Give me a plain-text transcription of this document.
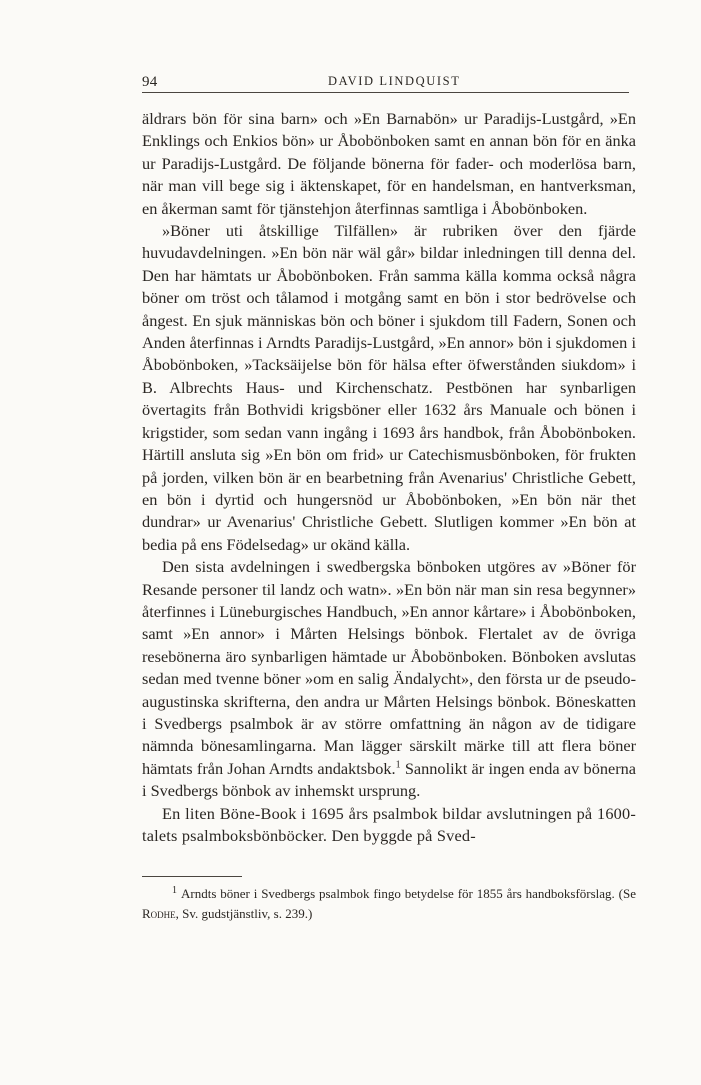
94	DAVID LINDQUIST

äldrars bön för sina barn» och »En Barnabön» ur Paradijs-Lustgård, »En Enklings och Enkios bön» ur Åbobönboken samt en annan bön för en änka ur Paradijs-Lustgård. De följande bönerna för fader- och moderlösa barn, när man vill bege sig i äktenskapet, för en handelsman, en hantverksman, en åkerman samt för tjänstehjon återfinnas samtliga i Åbobönboken.

»Böner uti åtskillige Tilfällen» är rubriken över den fjärde huvudavdelningen. »En bön när wäl går» bildar inledningen till denna del. Den har hämtats ur Åbobönboken. Från samma källa komma också några böner om tröst och tålamod i motgång samt en bön i stor bedrövelse och ångest. En sjuk människas bön och böner i sjukdom till Fadern, Sonen och Anden återfinnas i Arndts Paradijs-Lustgård, »En annor» bön i sjukdomen i Åbobönboken, »Tacksäijelse bön för hälsa efter öfwerstånden siukdom» i B. Albrechts Haus- und Kirchenschatz. Pestbönen har synbarligen övertagits från Bothvidi krigsböner eller 1632 års Manuale och bönen i krigstider, som sedan vann ingång i 1693 års handbok, från Åbobönboken. Härtill ansluta sig »En bön om frid» ur Catechismusbönboken, för frukten på jorden, vilken bön är en bearbetning från Avenarius' Christliche Gebett, en bön i dyrtid och hungersnöd ur Åbobönboken, »En bön när thet dundrar» ur Avenarius' Christliche Gebett. Slutligen kommer »En bön at bedia på ens Födelsedag» ur okänd källa.

Den sista avdelningen i swedbergska bönboken utgöres av »Böner för Resande personer til landz och watn». »En bön när man sin resa begynner» återfinnes i Lüneburgisches Handbuch, »En annor kårtare» i Åbobönboken, samt »En annor» i Mårten Helsings bönbok. Flertalet av de övriga resebönerna äro synbarligen hämtade ur Åbobönboken. Bönboken avslutas sedan med tvenne böner »om en salig Ändalycht», den första ur de pseudo-augustinska skrifterna, den andra ur Mårten Helsings bönbok. Böneskatten i Svedbergs psalmbok är av större omfattning än någon av de tidigare nämnda bönesamlingarna. Man lägger särskilt märke till att flera böner hämtats från Johan Arndts andaktsbok.$^1$ Sannolikt är ingen enda av bönerna i Svedbergs bönbok av inhemskt ursprung.

En liten Böne-Book i 1695 års psalmbok bildar avslutningen på 1600-talets psalmboksbönböcker. Den byggde på Sved-

$^1$ Arndts böner i Svedbergs psalmbok fingo betydelse för 1855 års handboksförslag. (Se Rodhe, Sv. gudstjänstliv, s. 239.)
